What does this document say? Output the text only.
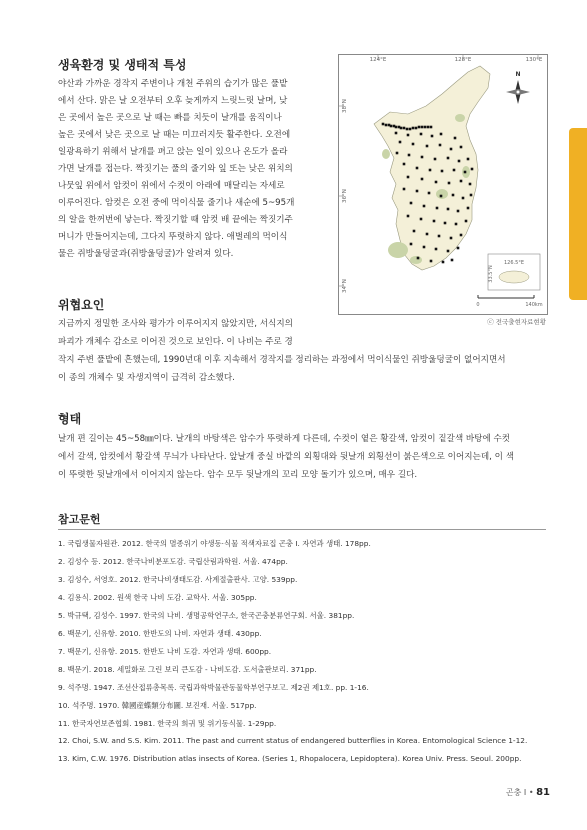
생육환경 및 생태적 특성
야산과 가까운 경작지 주변이나 개천 주위의 습기가 많은 풀밭
에서 산다. 맑은 날 오전부터 오후 늦게까지 느릿느릿 날며, 낮
은 곳에서 높은 곳으로 날 때는 빠를 치듯이 날개를 움직이나
높은 곳에서 낮은 곳으로 날 때는 미끄러지듯 활주한다. 오전에
일광욕하기 위해서 날개를 펴고 앉는 일이 있으나 온도가 올라
가면 날개를 접는다. 짝짓기는 풀의 줄기와 잎 또는 낮은 위치의
나뭇잎 위에서 암컷이 위에서 수컷이 아래에 매달리는 자세로
이루어진다. 암컷은 오전 중에 먹이식물 줄기나 새순에 5~95개
의 알을 한꺼번에 낳는다. 짝짓기할 때 암컷 배 끝에는 짝짓기주
머니가 만들어지는데, 그다지 뚜렷하지 않다. 애벌레의 먹이식
물은 쥐방울덩굴과(쥐방울덩굴)가 알려져 있다.
124°E	128°E	130°E
38°N
36°N
34°N
33.5°N
126.5°E
N
0	140km
ⓒ 전국출현자료현황
위협요인
지금까지 정밀한 조사와 평가가 이루어지지 않았지만, 서식지의
파괴가 개체수 감소로 이어진 것으로 보인다. 이 나비는 주로 경
작지 주변 풀밭에 흔했는데, 1990년대 이후 지속해서 경작지를 정리하는 과정에서 먹이식물인 쥐방울덩굴이 없어지면서
이 종의 개체수 및 자생지역이 급격히 감소했다.
형태
날개 편 길이는 45~58㎜이다. 날개의 바탕색은 암수가 뚜렷하게 다른데, 수컷이 옅은 황갈색, 암컷이 짙갈색 바탕에 수컷
에서 갈색, 암컷에서 황갈색 무늬가 나타난다. 앞날개 중실 바깥의 외횡대와 뒷날개 외횡선이 붉은색으로 이어지는데, 이 색
이 뚜렷한 뒷날개에서 이어지지 않는다. 암수 모두 뒷날개의 꼬리 모양 돌기가 있으며, 매우 길다.
참고문헌
1. 국립생물자원관. 2012. 한국의 멸종위기 야생동·식물 적색자료집 곤충 I. 자연과 생태. 178pp.
2. 김성수 등. 2012. 한국나비분포도감. 국립산림과학원. 서울. 474pp.
3. 김성수, 서영호. 2012. 한국나비생태도감. 사계절출판사. 고양. 539pp.
4. 김용식. 2002. 원색 한국 나비 도감. 교학사. 서울. 305pp.
5. 박규택, 김성수. 1997. 한국의 나비. 생명공학연구소, 한국곤충분류연구회. 서울. 381pp.
6. 백문기, 신유항. 2010. 한반도의 나비. 자연과 생태. 430pp.
7. 백문기, 신유항. 2015. 한반도 나비 도감. 자연과 생태. 600pp.
8. 백문기. 2018. 세밀화로 그린 보리 큰도감 - 나비도감. 도서출판보리. 371pp.
9. 석주명. 1947. 조선산접류총목록. 국립과학박물관동물학부연구보고. 제2권 제1호. pp. 1-16.
10. 석주명. 1970. 韓國産蝶類分布圖. 보진재. 서울. 517pp.
11. 한국자연보존협회. 1981. 한국의 희귀 및 위기동식물. 1-29pp.
12. Choi, S.W. and S.S. Kim. 2011. The past and current status of endangered butterflies in Korea. Entomological Science 1-12.
13. Kim, C.W. 1976. Distribution atlas insects of Korea. (Series 1, Rhopalocera, Lepidoptera). Korea Univ. Press. Seoul. 200pp.
곤충 I • 81
